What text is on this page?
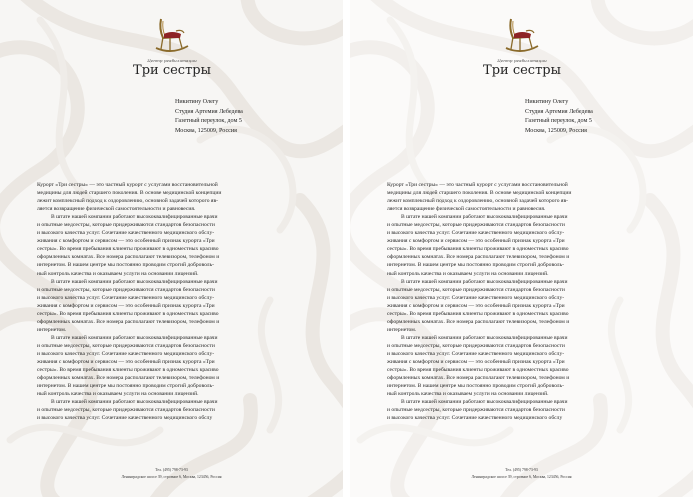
Центр реабилитации
Три сестры
Никитину Олегу
Студия Артемия Лебедева
Газетный переулок, дом 5
Москва, 125009, Россия
Курорт «Три сестры» — это частный курорт с услугами восстановительной
медицины для людей старшего поколения. В основе медицинской концепции
лежит комплексный подход к оздоровлению, основной задачей которого яв-
ляется возвращение физической самостоятельности и равновесия.
В штате нашей компании работают высококвалифицированные врачи
и опытные медсестры, которые придерживаются стандартов безопасности
и высокого качества услуг. Сочетание качественного медицинского обслу-
живания с комфортом и сервисом — это особенный признак курорта «Три
сестры». Во время пребывания клиенты проживают в одноместных красиво
оформленных комнатах. Все номера располагают телевизором, телефоном и
интернетом. В нашем центре мы постоянно проводим строгий доброволь-
ный контроль качества и оказываем услуги на основании лицензий.
В штате нашей компании работают высококвалифицированные врачи
и опытные медсестры, которые придерживаются стандартов безопасности
и высокого качества услуг. Сочетание качественного медицинского обслу-
живания с комфортом и сервисом — это особенный признак курорта «Три
сестры». Во время пребывания клиенты проживают в одноместных красиво
оформленных комнатах. Все номера располагают телевизором, телефоном и
интернетом.
В штате нашей компании работают высококвалифицированные врачи
и опытные медсестры, которые придерживаются стандартов безопасности
и высокого качества услуг. Сочетание качественного медицинского обслу-
живания с комфортом и сервисом — это особенный признак курорта «Три
сестры». Во время пребывания клиенты проживают в одноместных красиво
оформленных комнатах. Все номера располагают телевизором, телефоном и
интернетом. В нашем центре мы постоянно проводим строгий доброволь-
ный контроль качества и оказываем услуги на основании лицензий.
В штате нашей компании работают высококвалифицированные врачи
и опытные медсестры, которые придерживаются стандартов безопасности
и высокого качества услуг. Сочетание качественного медицинского обслу
Тел. (495) 798-73-93
Ленинградское шоссе 39, строение 6, Москва, 123456, Россия
Центр реабилитации
Три сестры
Никитину Олегу
Студия Артемия Лебедева
Газетный переулок, дом 5
Москва, 125009, Россия
Курорт «Три сестры» — это частный курорт с услугами восстановительной
медицины для людей старшего поколения. В основе медицинской концепции
лежит комплексный подход к оздоровлению, основной задачей которого яв-
ляется возвращение физической самостоятельности и равновесия.
В штате нашей компании работают высококвалифицированные врачи
и опытные медсестры, которые придерживаются стандартов безопасности
и высокого качества услуг. Сочетание качественного медицинского обслу-
живания с комфортом и сервисом — это особенный признак курорта «Три
сестры». Во время пребывания клиенты проживают в одноместных красиво
оформленных комнатах. Все номера располагают телевизором, телефоном и
интернетом. В нашем центре мы постоянно проводим строгий доброволь-
ный контроль качества и оказываем услуги на основании лицензий.
В штате нашей компании работают высококвалифицированные врачи
и опытные медсестры, которые придерживаются стандартов безопасности
и высокого качества услуг. Сочетание качественного медицинского обслу-
живания с комфортом и сервисом — это особенный признак курорта «Три
сестры». Во время пребывания клиенты проживают в одноместных красиво
оформленных комнатах. Все номера располагают телевизором, телефоном и
интернетом.
В штате нашей компании работают высококвалифицированные врачи
и опытные медсестры, которые придерживаются стандартов безопасности
и высокого качества услуг. Сочетание качественного медицинского обслу-
живания с комфортом и сервисом — это особенный признак курорта «Три
сестры». Во время пребывания клиенты проживают в одноместных красиво
оформленных комнатах. Все номера располагают телевизором, телефоном и
интернетом. В нашем центре мы постоянно проводим строгий доброволь-
ный контроль качества и оказываем услуги на основании лицензий.
В штате нашей компании работают высококвалифицированные врачи
и опытные медсестры, которые придерживаются стандартов безопасности
и высокого качества услуг. Сочетание качественного медицинского обслу
Тел. (495) 798-73-93
Ленинградское шоссе 39, строение 6, Москва, 123456, Россия
